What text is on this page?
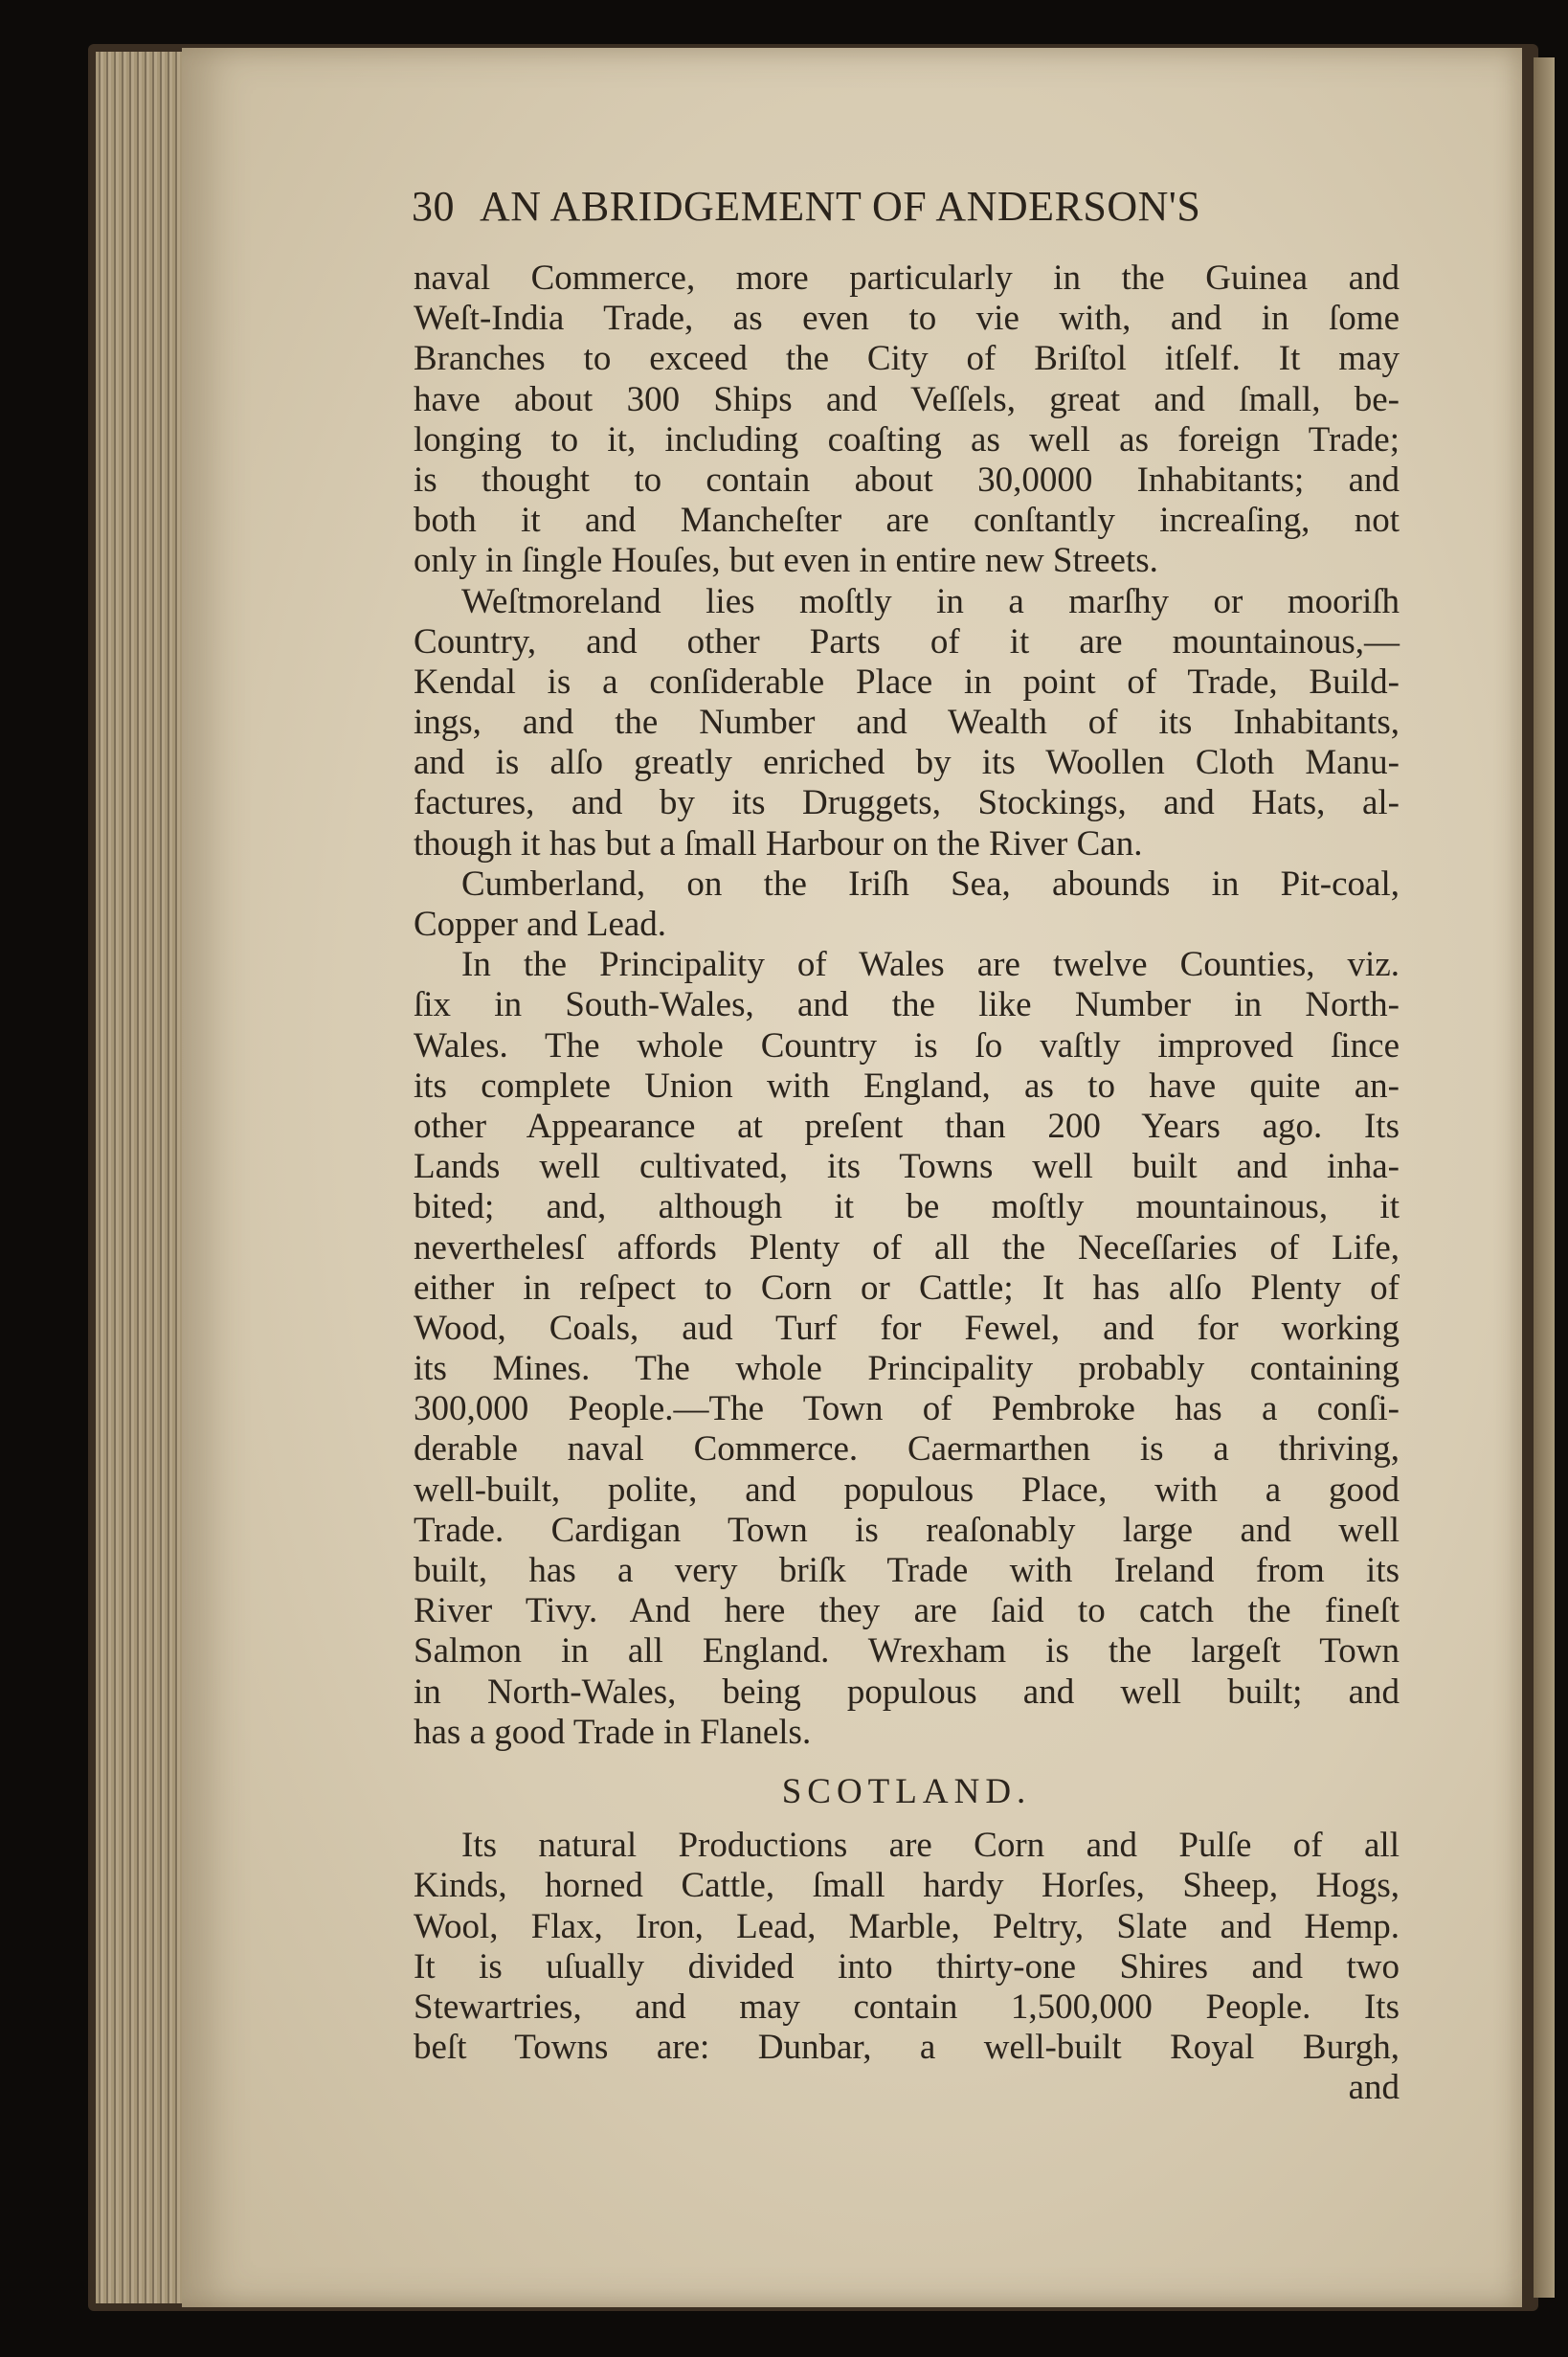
30 AN ABRIDGEMENT OF ANDERSON'S
naval Commerce, more particularly in the Guinea and
Weſt-India Trade, as even to vie with, and in ſome
Branches to exceed the City of Briſtol itſelf. It may
have about 300 Ships and Veſſels, great and ſmall, be-
longing to it, including coaſting as well as foreign Trade;
is thought to contain about 30,0000 Inhabitants; and
both it and Mancheſter are conſtantly increaſing, not
only in ſingle Houſes, but even in entire new Streets.
Weſtmoreland lies moſtly in a marſhy or mooriſh
Country, and other Parts of it are mountainous,—
Kendal is a conſiderable Place in point of Trade, Build-
ings, and the Number and Wealth of its Inhabitants,
and is alſo greatly enriched by its Woollen Cloth Manu-
factures, and by its Druggets, Stockings, and Hats, al-
though it has but a ſmall Harbour on the River Can.
Cumberland, on the Iriſh Sea, abounds in Pit-coal,
Copper and Lead.
In the Principality of Wales are twelve Counties, viz.
ſix in South-Wales, and the like Number in North-
Wales. The whole Country is ſo vaſtly improved ſince
its complete Union with England, as to have quite an-
other Appearance at preſent than 200 Years ago. Its
Lands well cultivated, its Towns well built and inha-
bited; and, although it be moſtly mountainous, it
neverthelesſ affords Plenty of all the Neceſſaries of Life,
either in reſpect to Corn or Cattle; It has alſo Plenty of
Wood, Coals, aud Turf for Fewel, and for working
its Mines. The whole Principality probably containing
300,000 People.—The Town of Pembroke has a conſi-
derable naval Commerce. Caermarthen is a thriving,
well-built, polite, and populous Place, with a good
Trade. Cardigan Town is reaſonably large and well
built, has a very briſk Trade with Ireland from its
River Tivy. And here they are ſaid to catch the fineſt
Salmon in all England. Wrexham is the largeſt Town
in North-Wales, being populous and well built; and
has a good Trade in Flanels.
SCOTLAND.
Its natural Productions are Corn and Pulſe of all
Kinds, horned Cattle, ſmall hardy Horſes, Sheep, Hogs,
Wool, Flax, Iron, Lead, Marble, Peltry, Slate and Hemp.
It is uſually divided into thirty-one Shires and two
Stewartries, and may contain 1,500,000 People. Its
beſt Towns are: Dunbar, a well-built Royal Burgh,
and
